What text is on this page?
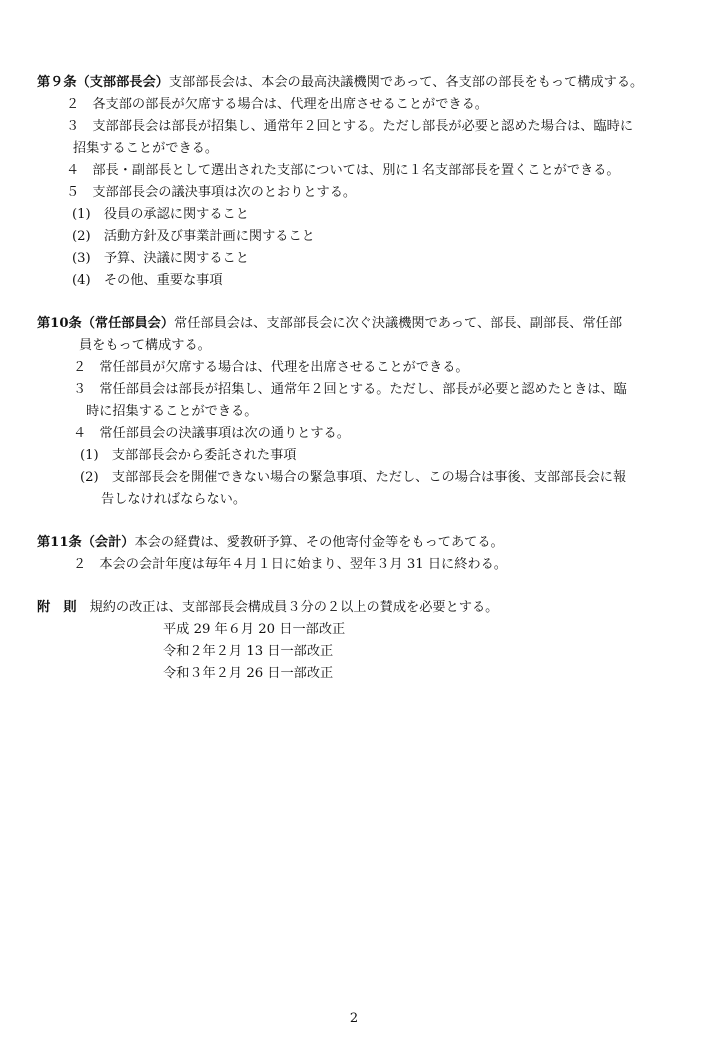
第９条（支部部長会）支部部長会は、本会の最高決議機関であって、各支部の部長をもって構成する。
２　各支部の部長が欠席する場合は、代理を出席させることができる。
３　支部部長会は部長が招集し、通常年２回とする。ただし部長が必要と認めた場合は、臨時に
招集することができる。
４　部長・副部長として選出された支部については、別に１名支部部長を置くことができる。
５　支部部長会の議決事項は次のとおりとする。
(1)　役員の承認に関すること
(2)　活動方針及び事業計画に関すること
(3)　予算、決議に関すること
(4)　その他、重要な事項
第10条（常任部員会）常任部員会は、支部部長会に次ぐ決議機関であって、部長、副部長、常任部
員をもって構成する。
２　常任部員が欠席する場合は、代理を出席させることができる。
３　常任部員会は部長が招集し、通常年２回とする。ただし、部長が必要と認めたときは、臨
時に招集することができる。
４　常任部員会の決議事項は次の通りとする。
(1)　支部部長会から委託された事項
(2)　支部部長会を開催できない場合の緊急事項、ただし、この場合は事後、支部部長会に報
告しなければならない。
第11条（会計）本会の経費は、愛教研予算、その他寄付金等をもってあてる。
２　本会の会計年度は毎年４月１日に始まり、翌年３月 31 日に終わる。
附　則 規約の改正は、支部部長会構成員３分の２以上の賛成を必要とする。
平成 29 年６月 20 日一部改正
令和２年２月 13 日一部改正
令和３年２月 26 日一部改正
2
